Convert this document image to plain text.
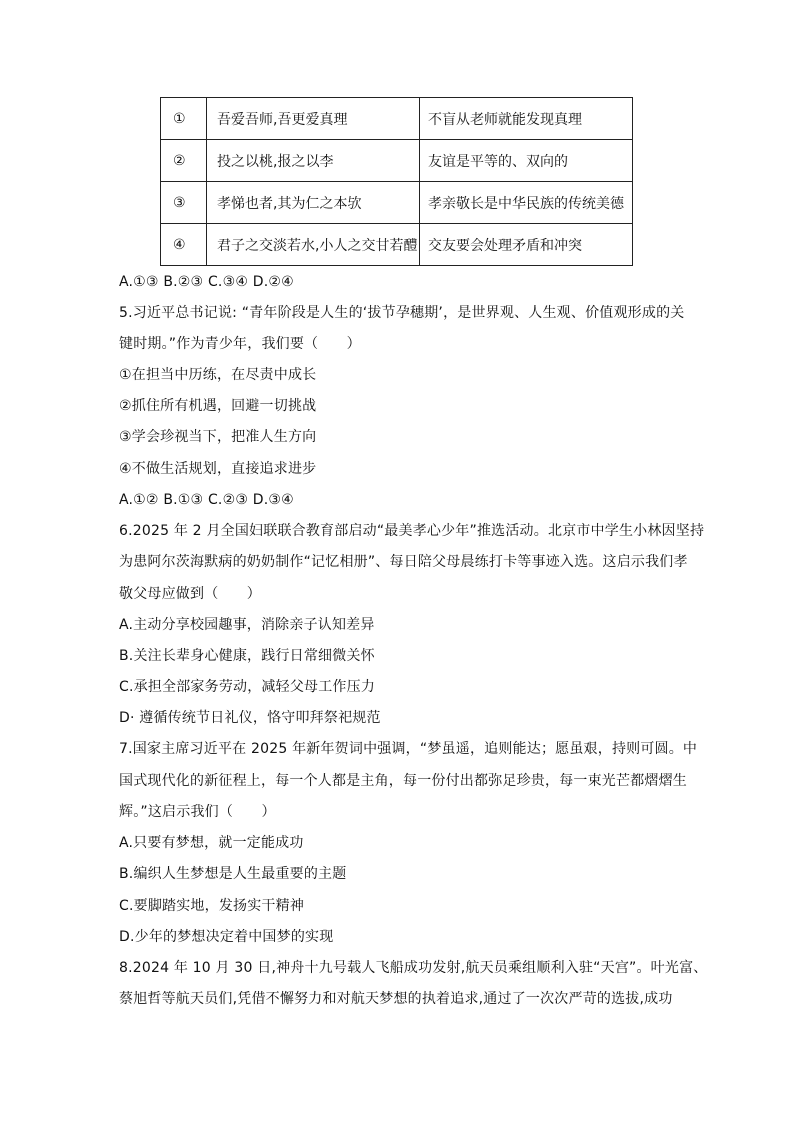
①	吾爱吾师,吾更爱真理	不盲从老师就能发现真理
②	投之以桃,报之以李	友谊是平等的、双向的
③	孝悌也者,其为仁之本欤	孝亲敬长是中华民族的传统美德
④	君子之交淡若水,小人之交甘若醴	交友要会处理矛盾和冲突
A.①③ B.②③ C.③④ D.②④
5.习近平总书记说: “青年阶段是人生的‘拔节孕穗期’，是世界观、人生观、价值观形成的关
键时期。”作为青少年，我们要（　　）
①在担当中历练，在尽责中成长
②抓住所有机遇，回避一切挑战
③学会珍视当下，把准人生方向
④不做生活规划，直接追求进步
A.①② B.①③ C.②③ D.③④
6.2025 年 2 月全国妇联联合教育部启动“最美孝心少年”推选活动。北京市中学生小林因坚持
为患阿尔茨海默病的奶奶制作“记忆相册”、每日陪父母晨练打卡等事迹入选。这启示我们孝
敬父母应做到（　　）
A.主动分享校园趣事，消除亲子认知差异
B.关注长辈身心健康，践行日常细微关怀
C.承担全部家务劳动，减轻父母工作压力
D· 遵循传统节日礼仪，恪守叩拜祭祀规范
7.国家主席习近平在 2025 年新年贺词中强调，“梦虽遥，追则能达；愿虽艰，持则可圆。中
国式现代化的新征程上，每一个人都是主角，每一份付出都弥足珍贵，每一束光芒都熠熠生
辉。”这启示我们（　　）
A.只要有梦想，就一定能成功
B.编织人生梦想是人生最重要的主题
C.要脚踏实地，发扬实干精神
D.少年的梦想决定着中国梦的实现
8.2024 年 10 月 30 日,神舟十九号载人飞船成功发射,航天员乘组顺利入驻“天宫”。叶光富、
蔡旭哲等航天员们,凭借不懈努力和对航天梦想的执着追求,通过了一次次严苛的选拔,成功
